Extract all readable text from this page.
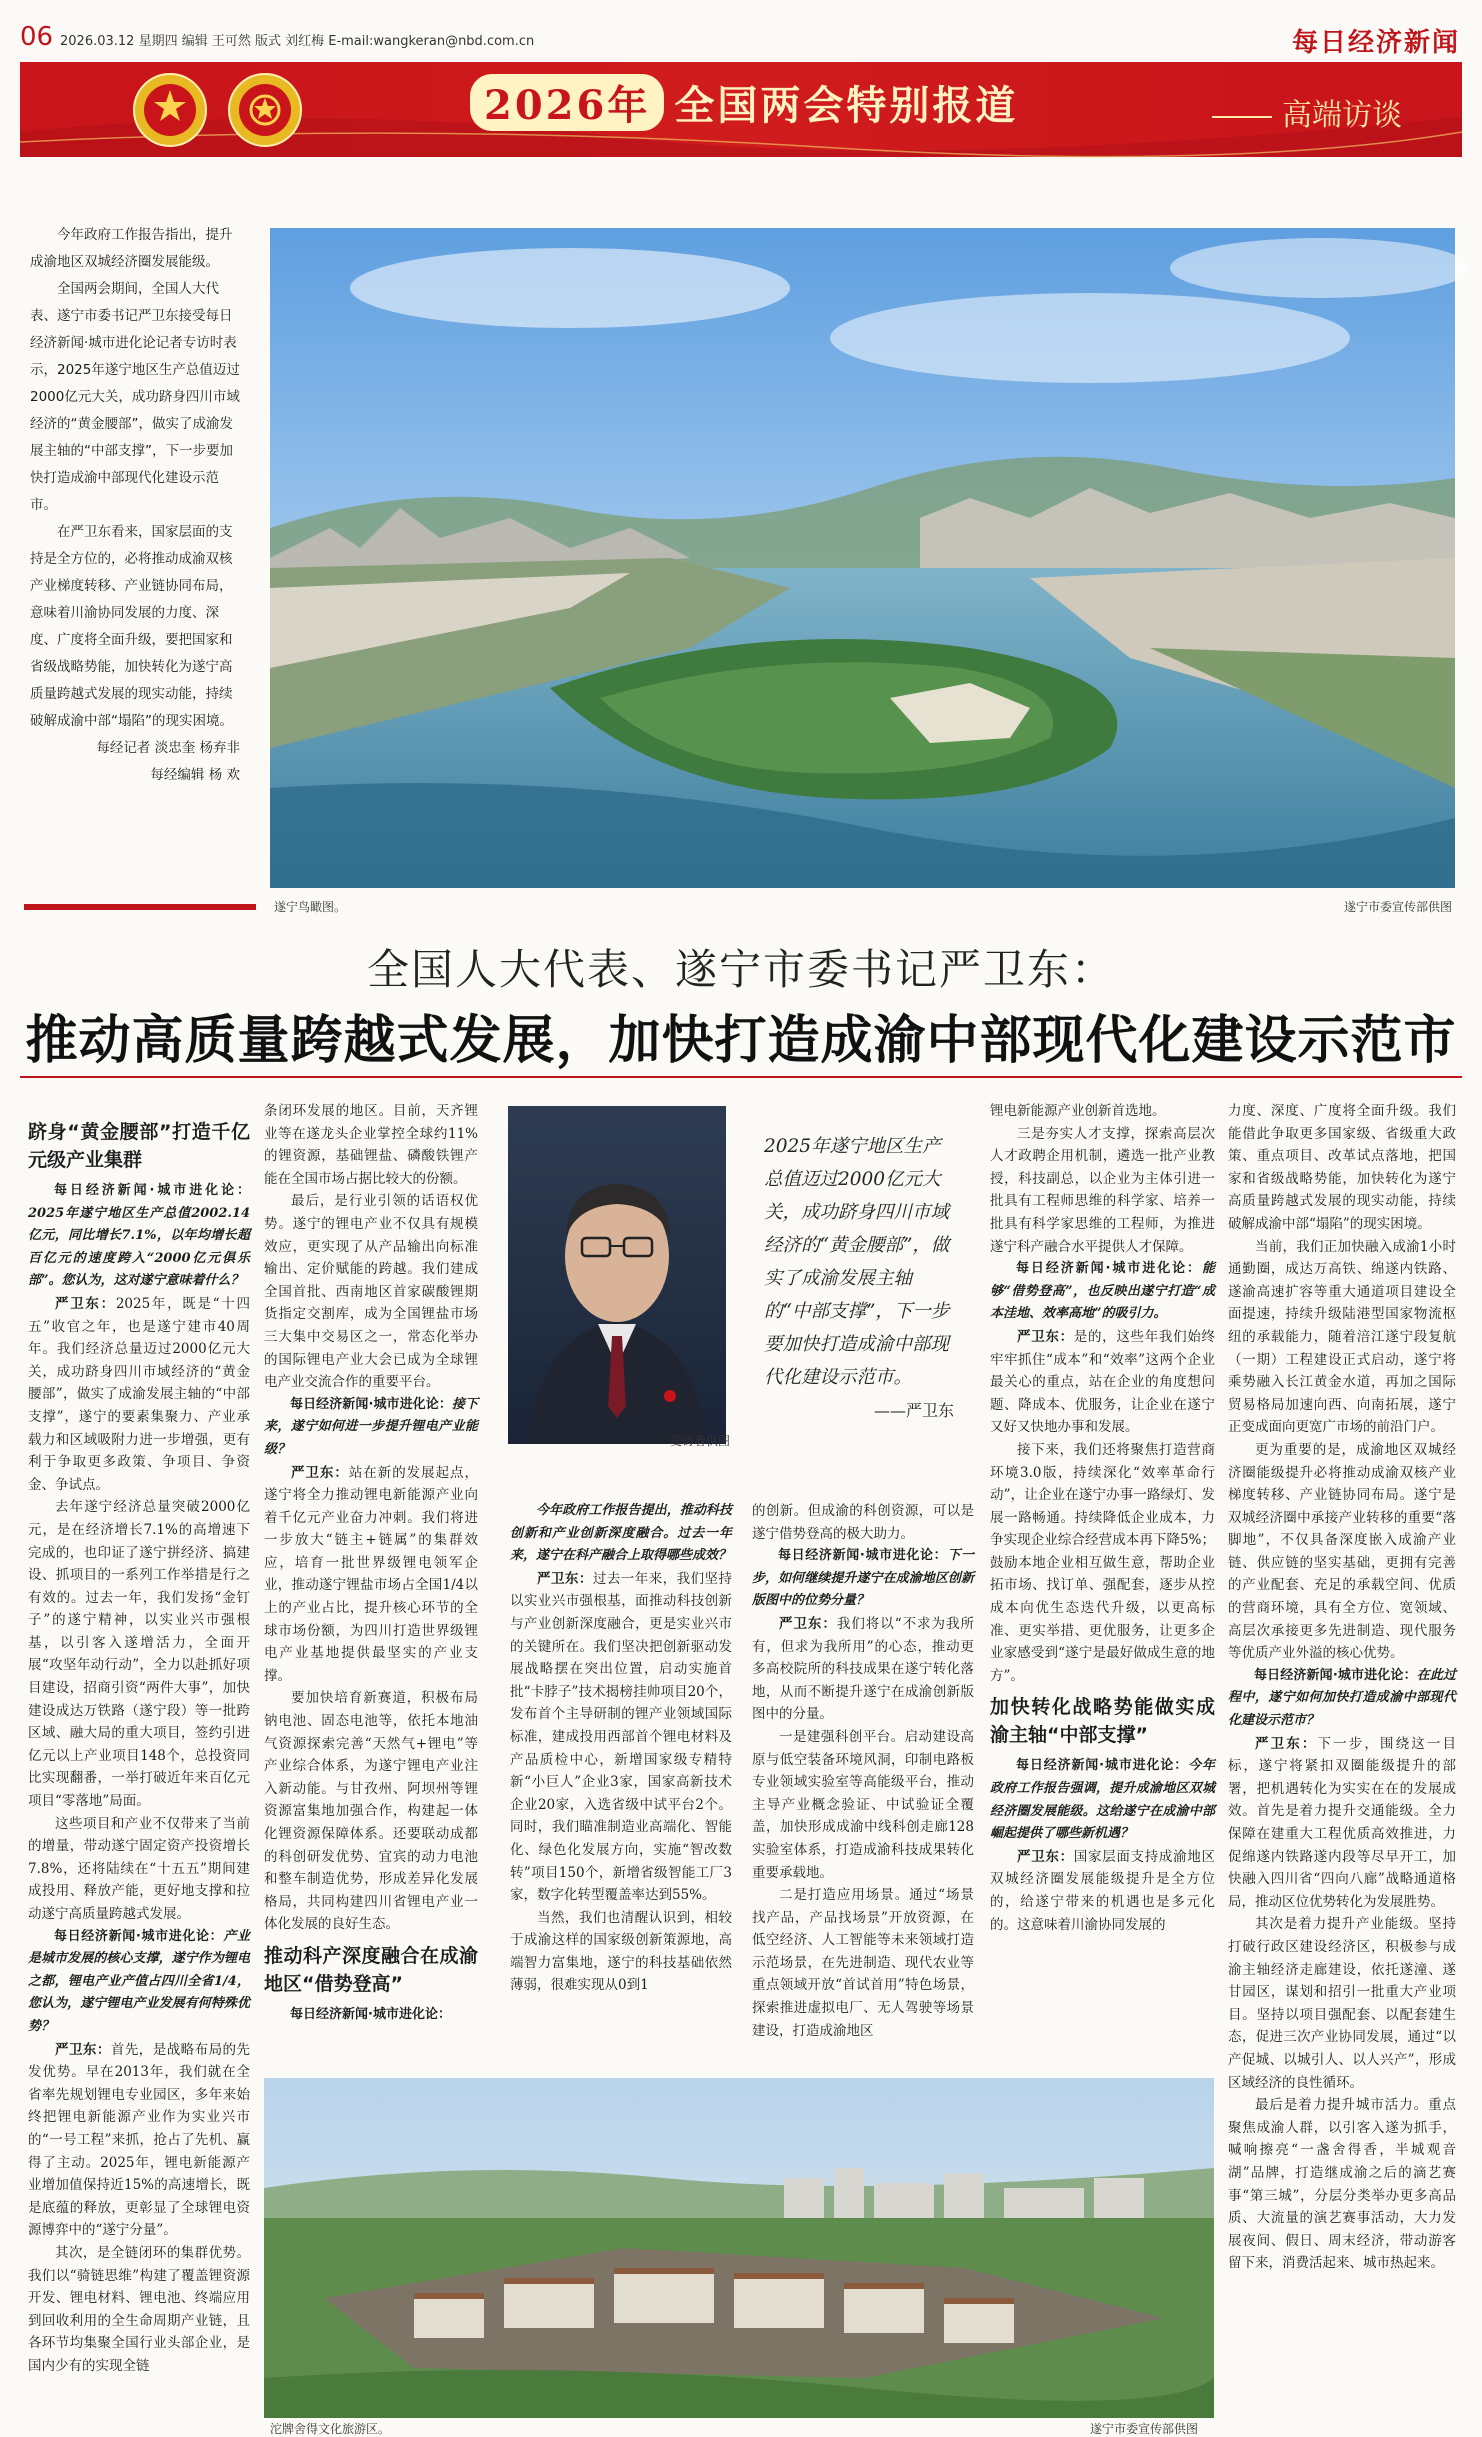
06 2026.03.12 星期四 编辑 王可然 版式 刘红梅 E-mail:wangkeran@nbd.com.cn	每日经济新闻
2026年 全国两会特别报道	高端访谈

今年政府工作报告指出，提升成渝地区双城经济圈发展能级。

全国两会期间，全国人大代表、遂宁市委书记严卫东接受每日经济新闻·城市进化论记者专访时表示，2025年遂宁地区生产总值迈过2000亿元大关，成功跻身四川市域经济的“黄金腰部”，做实了成渝发展主轴的“中部支撑”，下一步要加快打造成渝中部现代化建设示范市。

在严卫东看来，国家层面的支持是全方位的，必将推动成渝双核产业梯度转移、产业链协同布局，意味着川渝协同发展的力度、深度、广度将全面升级，要把国家和省级战略势能，加快转化为遂宁高质量跨越式发展的现实动能，持续破解成渝中部“塌陷”的现实困境。

每经记者 淡忠奎 杨弃非

每经编辑 杨 欢

遂宁鸟瞰图。	遂宁市委宣传部供图
全国人大代表、遂宁市委书记严卫东：
推动高质量跨越式发展，加快打造成渝中部现代化建设示范市
跻身“黄金腰部”打造千亿元级产业集群

每日经济新闻·城市进化论：2025年遂宁地区生产总值2002.14亿元，同比增长7.1%，以年均增长超百亿元的速度跨入“2000亿元俱乐部”。您认为，这对遂宁意味着什么？

严卫东：2025年，既是“十四五”收官之年，也是遂宁建市40周年。我们经济总量迈过2000亿元大关，成功跻身四川市域经济的“黄金腰部”，做实了成渝发展主轴的“中部支撑”，遂宁的要素集聚力、产业承载力和区域吸附力进一步增强，更有利于争取更多政策、争项目、争资金、争试点。

去年遂宁经济总量突破2000亿元，是在经济增长7.1%的高增速下完成的，也印证了遂宁拼经济、搞建设、抓项目的一系列工作举措是行之有效的。过去一年，我们发扬“金钉子”的遂宁精神，以实业兴市强根基，以引客入遂增活力，全面开展“攻坚年动行动”，全力以赴抓好项目建设，招商引资“两件大事”，加快建设成达万铁路（遂宁段）等一批跨区域、融大局的重大项目，签约引进亿元以上产业项目148个，总投资同比实现翻番，一举打破近年来百亿元项目“零落地”局面。

这些项目和产业不仅带来了当前的增量，带动遂宁固定资产投资增长7.8%，还将陆续在“十五五”期间建成投用、释放产能，更好地支撑和拉动遂宁高质量跨越式发展。

每日经济新闻·城市进化论：产业是城市发展的核心支撑，遂宁作为锂电之都，锂电产业产值占四川全省1/4，您认为，遂宁锂电产业发展有何特殊优势？

严卫东：首先，是战略布局的先发优势。早在2013年，我们就在全省率先规划锂电专业园区，多年来始终把锂电新能源产业作为实业兴市的“一号工程”来抓，抢占了先机、赢得了主动。2025年，锂电新能源产业增加值保持近15%的高速增长，既是底蕴的释放，更彰显了全球锂电资源博弈中的“遂宁分量”。

其次，是全链闭环的集群优势。我们以“骑链思维”构建了覆盖锂资源开发、锂电材料、锂电池、终端应用到回收利用的全生命周期产业链，且各环节均集聚全国行业头部企业，是国内少有的实现全链

条闭环发展的地区。目前，天齐锂业等在遂龙头企业掌控全球约11%的锂资源，基础锂盐、磷酸铁锂产能在全国市场占据比较大的份额。

最后，是行业引领的话语权优势。遂宁的锂电产业不仅具有规模效应，更实现了从产品输出向标准输出、定价赋能的跨越。我们建成全国首批、西南地区首家碳酸锂期货指定交割库，成为全国锂盐市场三大集中交易区之一，常态化举办的国际锂电产业大会已成为全球锂电产业交流合作的重要平台。

每日经济新闻·城市进化论：接下来，遂宁如何进一步提升锂电产业能级？

严卫东：站在新的发展起点，遂宁将全力推动锂电新能源产业向着千亿元产业奋力冲刺。我们将进一步放大“链主+链属”的集群效应，培育一批世界级锂电领军企业，推动遂宁锂盐市场占全国1/4以上的产业占比，提升核心环节的全球市场份额，为四川打造世界级锂电产业基地提供最坚实的产业支撑。

要加快培育新赛道，积极布局钠电池、固态电池等，依托本地油气资源探索完善“天然气+锂电”等产业综合体系，为遂宁锂电产业注入新动能。与甘孜州、阿坝州等锂资源富集地加强合作，构建起一体化锂资源保障体系。还要联动成都的科创研发优势、宜宾的动力电池和整车制造优势，形成差异化发展格局，共同构建四川省锂电产业一体化发展的良好生态。

推动科产深度融合在成渝地区“借势登高”

每日经济新闻·城市进化论：

受访者供图
2025年遂宁地区生产总值迈过2000亿元大关，成功跻身四川市域经济的“黄金腰部”，做实了成渝发展主轴的“中部支撑”，下一步要加快打造成渝中部现代化建设示范市。
——严卫东

今年政府工作报告提出，推动科技创新和产业创新深度融合。过去一年来，遂宁在科产融合上取得哪些成效？

严卫东：过去一年来，我们坚持以实业兴市强根基，面推动科技创新与产业创新深度融合，更是实业兴市的关键所在。我们坚决把创新驱动发展战略摆在突出位置，启动实施首批“卡脖子”技术揭榜挂帅项目20个，发布首个主导研制的锂产业领域国际标准，建成投用西部首个锂电材料及产品质检中心，新增国家级专精特新“小巨人”企业3家，国家高新技术企业20家，入选省级中试平台2个。同时，我们瞄准制造业高端化、智能化、绿色化发展方向，实施“智改数转”项目150个，新增省级智能工厂3家，数字化转型覆盖率达到55%。

当然，我们也清醒认识到，相较于成渝这样的国家级创新策源地，高端智力富集地，遂宁的科技基础依然薄弱，很难实现从0到1

的创新。但成渝的科创资源，可以是遂宁借势登高的极大助力。

每日经济新闻·城市进化论：下一步，如何继续提升遂宁在成渝地区创新版图中的位势分量？

严卫东：我们将以“不求为我所有，但求为我所用”的心态，推动更多高校院所的科技成果在遂宁转化落地，从而不断提升遂宁在成渝创新版图中的分量。

一是建强科创平台。启动建设高原与低空装备环境风洞，印制电路板专业领域实验室等高能级平台，推动主导产业概念验证、中试验证全覆盖，加快形成成渝中线科创走廊128实验室体系，打造成渝科技成果转化重要承载地。

二是打造应用场景。通过“场景找产品，产品找场景”开放资源，在低空经济、人工智能等未来领域打造示范场景，在先进制造、现代农业等重点领域开放“首试首用”特色场景，探索推进虚拟电厂、无人驾驶等场景建设，打造成渝地区

锂电新能源产业创新首选地。

三是夯实人才支撑，探索高层次人才政聘企用机制，遴选一批产业教授，科技副总，以企业为主体引进一批具有工程师思维的科学家、培养一批具有科学家思维的工程师，为推进遂宁科产融合水平提供人才保障。

每日经济新闻·城市进化论：能够“借势登高”，也反映出遂宁打造“成本洼地、效率高地”的吸引力。

严卫东：是的，这些年我们始终牢牢抓住“成本”和“效率”这两个企业最关心的重点，站在企业的角度想问题、降成本、优服务，让企业在遂宁又好又快地办事和发展。

接下来，我们还将聚焦打造营商环境3.0版，持续深化“效率革命行动”，让企业在遂宁办事一路绿灯、发展一路畅通。持续降低企业成本，力争实现企业综合经营成本再下降5%；鼓励本地企业相互做生意，帮助企业拓市场、找订单、强配套，逐步从控成本向优生态迭代升级，以更高标准、更实举措、更优服务，让更多企业家感受到“遂宁是最好做成生意的地方”。

加快转化战略势能做实成渝主轴“中部支撑”

每日经济新闻·城市进化论：今年政府工作报告强调，提升成渝地区双城经济圈发展能级。这给遂宁在成渝中部崛起提供了哪些新机遇？

严卫东：国家层面支持成渝地区双城经济圈发展能级提升是全方位的，给遂宁带来的机遇也是多元化的。这意味着川渝协同发展的

力度、深度、广度将全面升级。我们能借此争取更多国家级、省级重大政策、重点项目、改革试点落地，把国家和省级战略势能，加快转化为遂宁高质量跨越式发展的现实动能，持续破解成渝中部“塌陷”的现实困境。

当前，我们正加快融入成渝1小时通勤圈，成达万高铁、绵遂内铁路、遂渝高速扩容等重大通道项目建设全面提速，持续升级陆港型国家物流枢纽的承载能力，随着涪江遂宁段复航（一期）工程建设正式启动，遂宁将乘势融入长江黄金水道，再加之国际贸易格局加速向西、向南拓展，遂宁正变成面向更宽广市场的前沿门户。

更为重要的是，成渝地区双城经济圈能级提升必将推动成渝双核产业梯度转移、产业链协同布局。遂宁是双城经济圈中承接产业转移的重要“落脚地”，不仅具备深度嵌入成渝产业链、供应链的坚实基础，更拥有完善的产业配套、充足的承载空间、优质的营商环境，具有全方位、宽领域、高层次承接更多先进制造、现代服务等优质产业外溢的核心优势。

每日经济新闻·城市进化论：在此过程中，遂宁如何加快打造成渝中部现代化建设示范市？

严卫东：下一步，围绕这一目标，遂宁将紧扣双圈能级提升的部署，把机遇转化为实实在在的发展成效。首先是着力提升交通能级。全力保障在建重大工程优质高效推进，力促绵遂内铁路遂内段等尽早开工，加快融入四川省“四向八廊”战略通道格局，推动区位优势转化为发展胜势。

其次是着力提升产业能级。坚持打破行政区建设经济区，积极参与成渝主轴经济走廊建设，依托遂潼、遂甘园区，谋划和招引一批重大产业项目。坚持以项目强配套、以配套建生态，促进三次产业协同发展，通过“以产促城、以城引人、以人兴产”，形成区域经济的良性循环。

最后是着力提升城市活力。重点聚焦成渝人群，以引客入遂为抓手，喊响擦亮“一盏舍得香，半城观音湖”品牌，打造继成渝之后的滴艺赛事“第三城”，分层分类举办更多高品质、大流量的演艺赛事活动，大力发展夜间、假日、周末经济，带动游客留下来，消费活起来、城市热起来。

沱牌舍得文化旅游区。	遂宁市委宣传部供图
